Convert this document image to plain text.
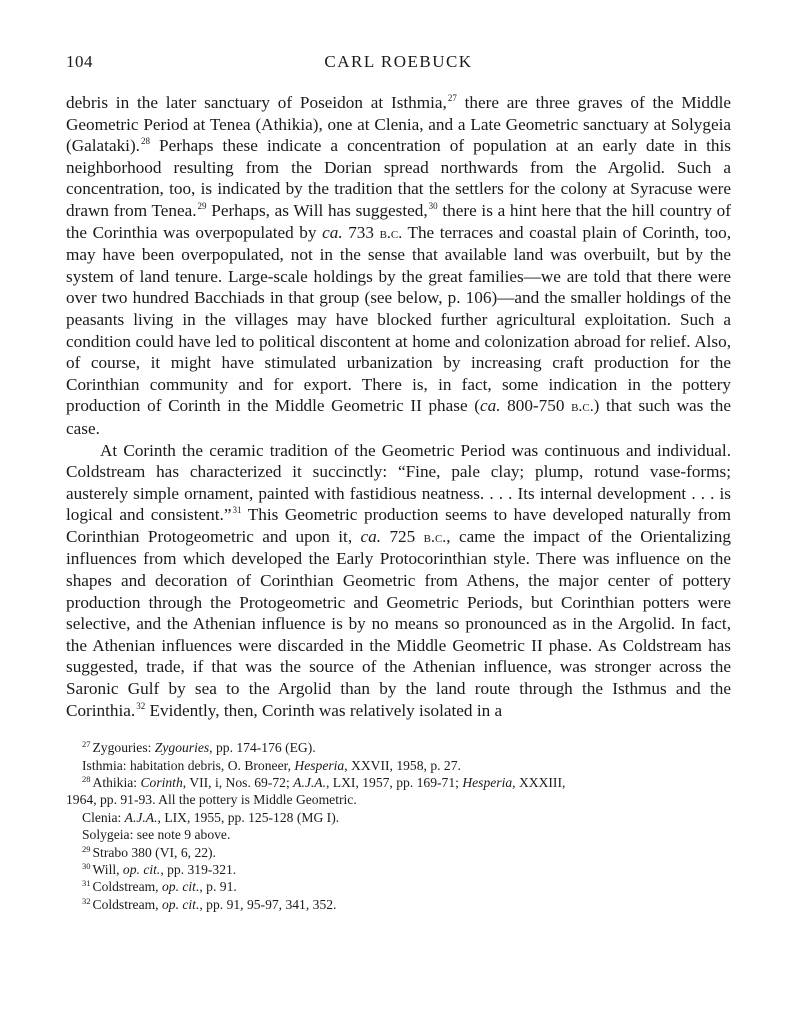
104	CARL ROEBUCK

debris in the later sanctuary of Poseidon at Isthmia,$^{27}$ there are three graves of the Middle Geometric Period at Tenea (Athikia), one at Clenia, and a Late Geometric sanctuary at Solygeia (Galataki).$^{28}$ Perhaps these indicate a concentration of population at an early date in this neighborhood resulting from the Dorian spread northwards from the Argolid. Such a concentration, too, is indicated by the tradition that the settlers for the colony at Syracuse were drawn from Tenea.$^{29}$ Perhaps, as Will has suggested,$^{30}$ there is a hint here that the hill country of the Corinthia was overpopulated by ca. 733 b.c. The terraces and coastal plain of Corinth, too, may have been overpopulated, not in the sense that available land was overbuilt, but by the system of land tenure. Large-scale holdings by the great families—we are told that there were over two hundred Bacchiads in that group (see below, p. 106)—and the smaller holdings of the peasants living in the villages may have blocked further agricultural exploitation. Such a condition could have led to political discontent at home and colonization abroad for relief. Also, of course, it might have stimulated urbanization by increasing craft production for the Corinthian community and for export. There is, in fact, some indication in the pottery production of Corinth in the Middle Geometric II phase (ca. 800-750 b.c.) that such was the case.

At Corinth the ceramic tradition of the Geometric Period was continuous and individual. Coldstream has characterized it succinctly: “Fine, pale clay; plump, rotund vase-forms; austerely simple ornament, painted with fastidious neatness. . . . Its internal development . . . is logical and consistent.”$^{31}$ This Geometric production seems to have developed naturally from Corinthian Protogeometric and upon it, ca. 725 b.c., came the impact of the Orientalizing influences from which developed the Early Protocorinthian style. There was influence on the shapes and decoration of Corinthian Geometric from Athens, the major center of pottery production through the Protogeometric and Geometric Periods, but Corinthian potters were selective, and the Athenian influence is by no means so pronounced as in the Argolid. In fact, the Athenian influences were discarded in the Middle Geometric II phase. As Coldstream has suggested, trade, if that was the source of the Athenian influence, was stronger across the Saronic Gulf by sea to the Argolid than by the land route through the Isthmus and the Corinthia.$^{32}$ Evidently, then, Corinth was relatively isolated in a

$^{27}$ Zygouries: Zygouries, pp. 174-176 (EG).
Isthmia: habitation debris, O. Broneer, Hesperia, XXVII, 1958, p. 27.
$^{28}$ Athikia: Corinth, VII, i, Nos. 69-72; A.J.A., LXI, 1957, pp. 169-71; Hesperia, XXXIII,
1964, pp. 91-93. All the pottery is Middle Geometric.
Clenia: A.J.A., LIX, 1955, pp. 125-128 (MG I).
Solygeia: see note 9 above.
$^{29}$ Strabo 380 (VI, 6, 22).
$^{30}$ Will, op. cit., pp. 319-321.
$^{31}$ Coldstream, op. cit., p. 91.
$^{32}$ Coldstream, op. cit., pp. 91, 95-97, 341, 352.
